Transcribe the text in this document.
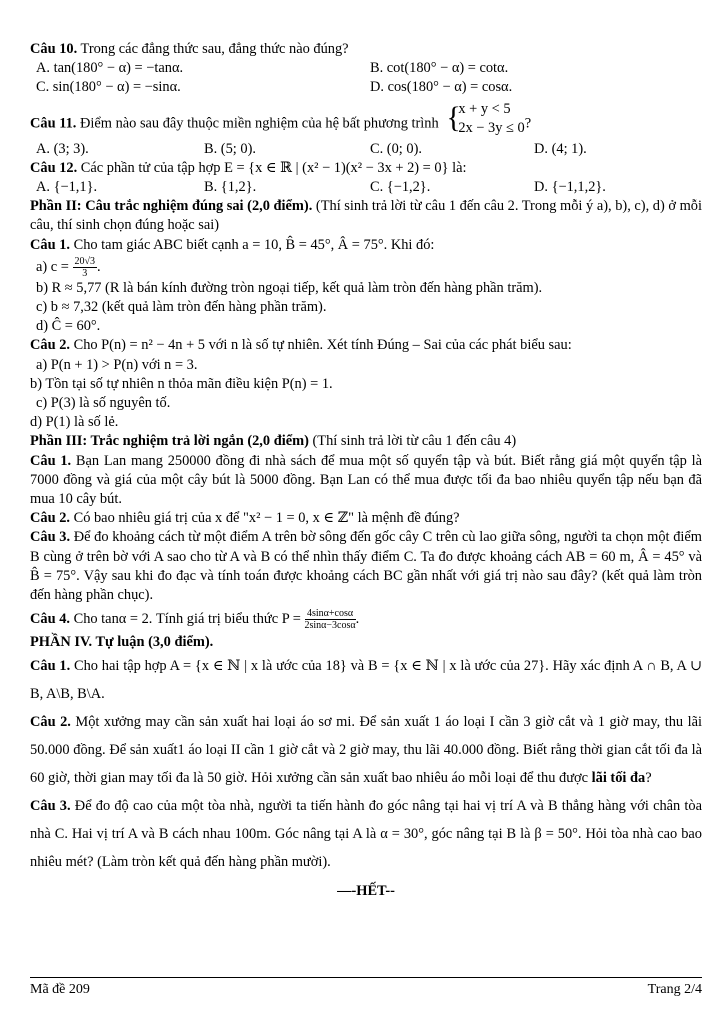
Câu 10. Trong các đẳng thức sau, đẳng thức nào đúng?

A. tan(180° − α) = −tanα.	B. cot(180° − α) = cotα.
C. sin(180° − α) = −sinα.	D. cos(180° − α) = cosα.

Câu 11. Điểm nào sau đây thuộc miền nghiệm của hệ bất phương trình {
x + y < 5
2x − 3y ≤ 0 ?

A. (3; 3).	B. (5; 0).	C. (0; 0).	D. (4; 1).

Câu 12. Các phần tử của tập hợp E = {x ∈ ℝ | (x² − 1)(x² − 3x + 2) = 0} là:

A. {−1,1}.	B. {1,2}.	C. {−1,2}.	D. {−1,1,2}.

Phần II: Câu trắc nghiệm đúng sai (2,0 điểm). (Thí sinh trả lời từ câu 1 đến câu 2. Trong mỗi ý a), b), c), d) ở mỗi câu, thí sinh chọn đúng hoặc sai)

Câu 1. Cho tam giác ABC biết cạnh a = 10, B̂ = 45°, Â = 75°. Khi đó:

a) $c = \frac{20√3}{3}$ .

b) R ≈ 5,77 (R là bán kính đường tròn ngoại tiếp, kết quả làm tròn đến hàng phần trăm).

c) b ≈ 7,32 (kết quả làm tròn đến hàng phần trăm).

d) Ĉ = 60°.

Câu 2. Cho P(n) = n² − 4n + 5 với n là số tự nhiên. Xét tính Đúng – Sai của các phát biểu sau:

a) P(n + 1) > P(n) với n = 3.

b) Tồn tại số tự nhiên n thỏa mãn điều kiện P(n) = 1.

c) P(3) là số nguyên tố.

d) P(1) là số lẻ.

Phần III: Trắc nghiệm trả lời ngắn (2,0 điểm) (Thí sinh trả lời từ câu 1 đến câu 4)

Câu 1. Bạn Lan mang 250000 đồng đi nhà sách để mua một số quyển tập và bút. Biết rằng giá một quyển tập là 7000 đồng và giá của một cây bút là 5000 đồng. Bạn Lan có thể mua được tối đa bao nhiêu quyển tập nếu bạn đã mua 10 cây bút.

Câu 2. Có bao nhiêu giá trị của x để "x² − 1 = 0, x ∈ ℤ" là mệnh đề đúng?

Câu 3. Để đo khoảng cách từ một điểm A trên bờ sông đến gốc cây C trên cù lao giữa sông, người ta chọn một điểm B cùng ở trên bờ với A sao cho từ A và B có thể nhìn thấy điểm C. Ta đo được khoảng cách AB = 60 m, Â = 45° và B̂ = 75°. Vậy sau khi đo đạc và tính toán được khoảng cách BC gần nhất với giá trị nào sau đây? (kết quả làm tròn đến hàng phần chục).

Câu 4. Cho tanα = 2. Tính giá trị biểu thức $P = \frac{4\sin\alpha+\cos\alpha}{2\sin\alpha-3\cos\alpha}$ .

PHẦN IV. Tự luận (3,0 điểm).

Câu 1. Cho hai tập hợp A = {x ∈ ℕ | x là ước của 18} và B = {x ∈ ℕ | x là ước của 27}. Hãy xác định A ∩ B, A ∪ B, A\B, B\A.

Câu 2. Một xưởng may cần sản xuất hai loại áo sơ mi. Để sản xuất 1 áo loại I cần 3 giờ cắt và 1 giờ may, thu lãi 50.000 đồng. Để sản xuất1 áo loại II cần 1 giờ cắt và 2 giờ may, thu lãi 40.000 đồng. Biết rằng thời gian cắt tối đa là 60 giờ, thời gian may tối đa là 50 giờ. Hỏi xưởng cần sản xuất bao nhiêu áo mỗi loại để thu được lãi tối đa?

Câu 3. Để đo độ cao của một tòa nhà, người ta tiến hành đo góc nâng tại hai vị trí A và B thẳng hàng với chân tòa nhà C. Hai vị trí A và B cách nhau 100m. Góc nâng tại A là α = 30°, góc nâng tại B là β = 50°. Hỏi tòa nhà cao bao nhiêu mét? (Làm tròn kết quả đến hàng phần mười).

—-HẾT--

Mã đề 209	Trang 2/4
